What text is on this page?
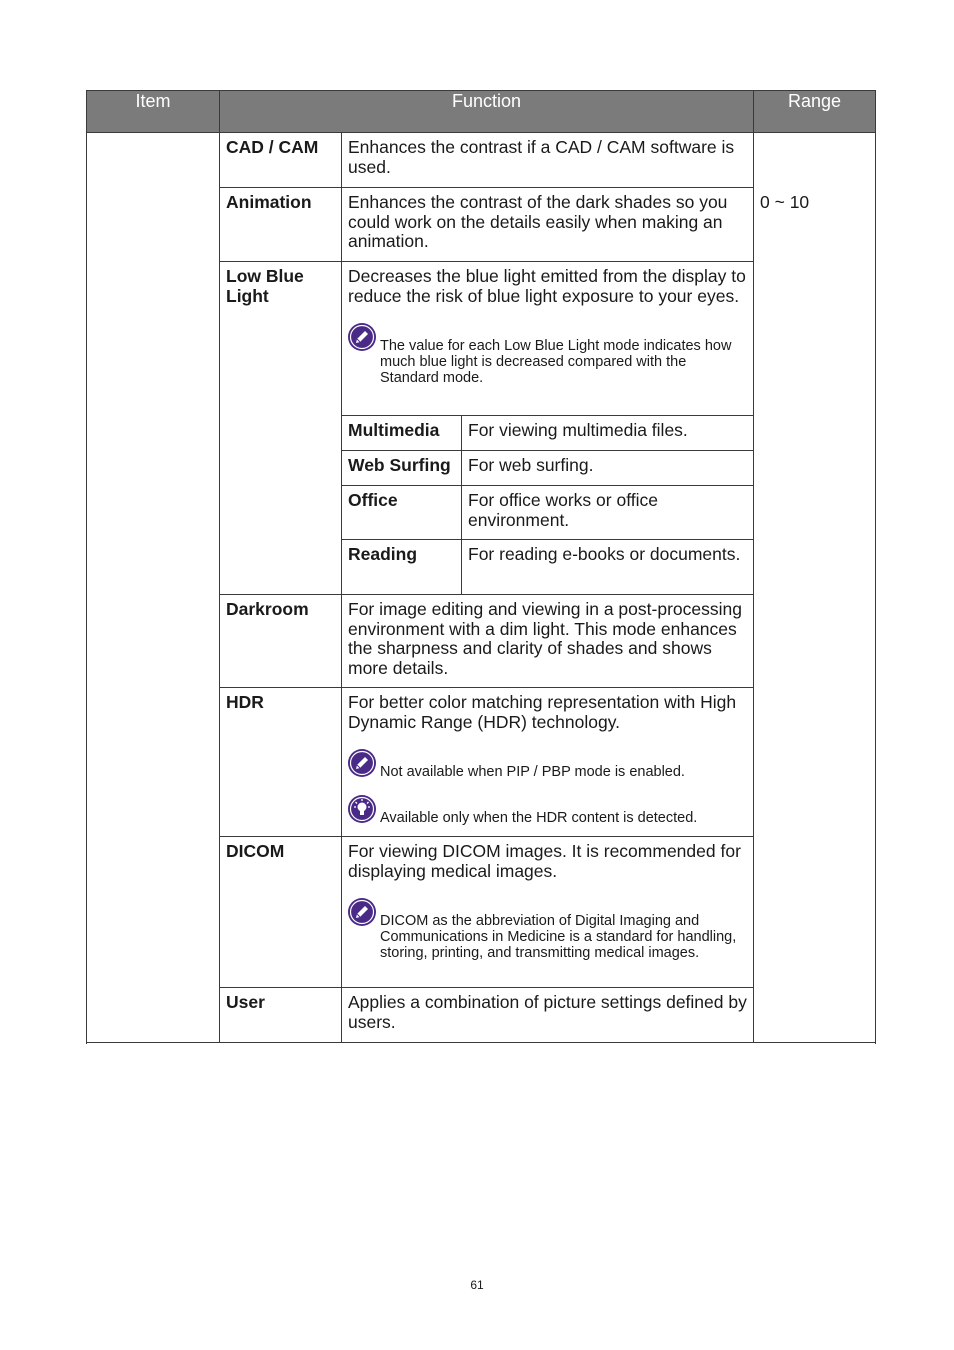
Item	Function			Range

	CAD / CAM	Enhances the contrast if a CAD / CAM software is used.		0 ~ 10

	Animation	Enhances the contrast of the dark shades so you could work on the details easily when making an animation.		

	Low Blue Light	Decreases the blue light emitted from the display to reduce the risk of blue light exposure to your eyes.
The value for each Low Blue Light mode indicates how much blue light is decreased compared with the Standard mode.		

		Multimedia	For viewing multimedia files.	

		Web Surfing	For web surfing.	

		Office	For office works or office environment.	

		Reading	For reading e-books or documents.	

	Darkroom	For image editing and viewing in a post-processing environment with a dim light. This mode enhances the sharpness and clarity of shades and shows more details.		

	HDR	For better color matching representation with High Dynamic Range (HDR) technology.
Not available when PIP / PBP mode is enabled.
Available only when the HDR content is detected.		

	DICOM	For viewing DICOM images. It is recommended for displaying medical images.
DICOM as the abbreviation of Digital Imaging and Communications in Medicine is a standard for handling, storing, printing, and transmitting medical images.		

	User	Applies a combination of picture settings defined by users.		

61
